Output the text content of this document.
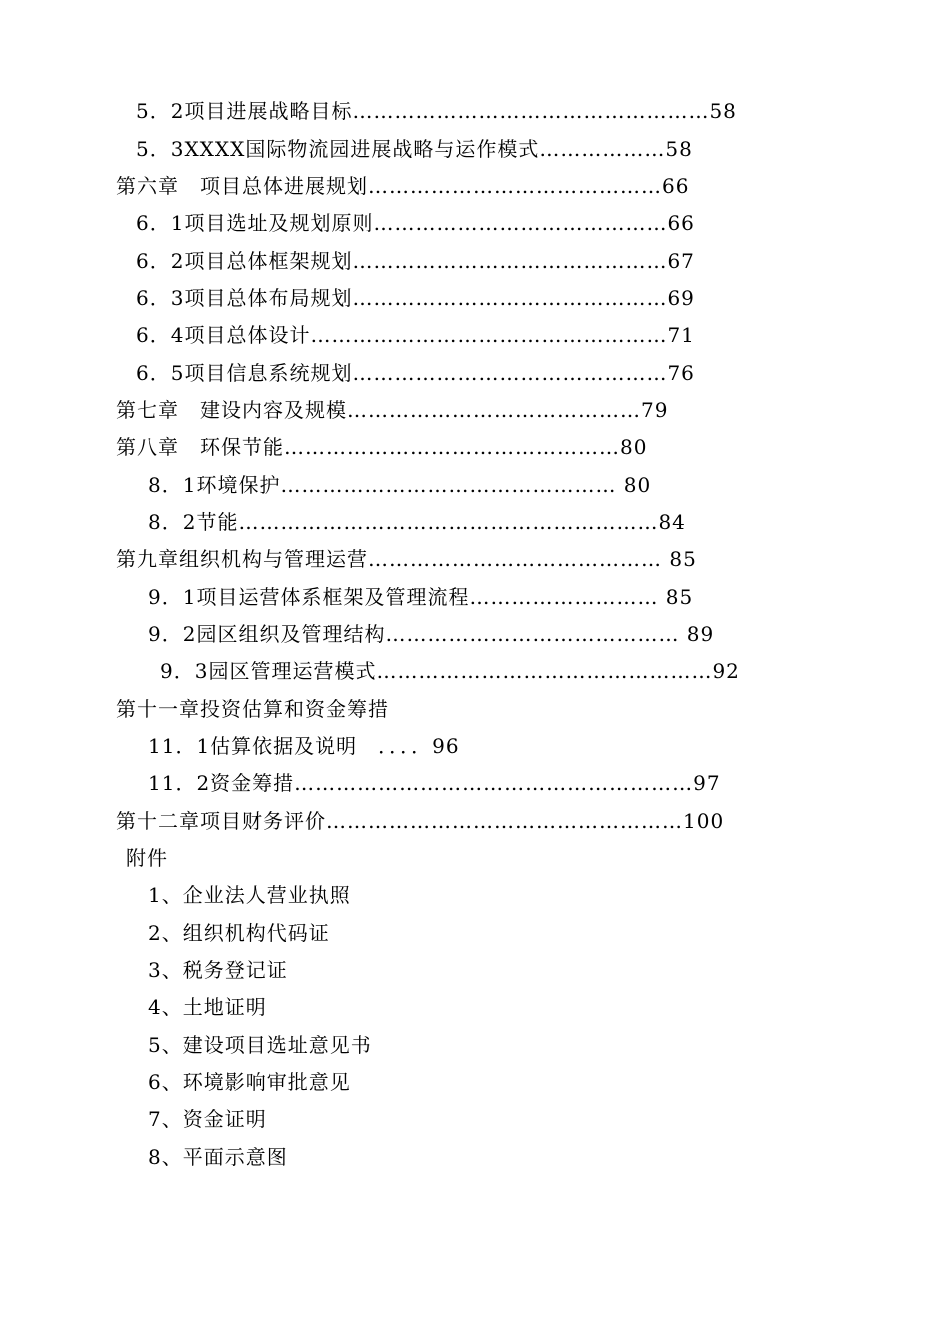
5．2项目进展战略目标……………………………………………58
5．3XXXX国际物流园进展战略与运作模式………………58
第六章　项目总体进展规划……………………………………66
6．1项目选址及规划原则……………………………………66
6．2项目总体框架规划………………………………………67
6．3项目总体布局规划………………………………………69
6．4项目总体设计……………………………………………71
6．5项目信息系统规划………………………………………76
第七章　建设内容及规模……………………………………79
第八章　环保节能…………………………………………80
8．1环境保护………………………………………… 80
8．2节能……………………………………………………84
第九章组织机构与管理运营…………………………………… 85
9．1项目运营体系框架及管理流程……………………… 85
9．2园区组织及管理结构…………………………………… 89
9．3园区管理运营模式…………………………………………92
第十一章投资估算和资金筹措
11．1估算依据及说明　．．．．96
11．2资金筹措…………………………………………………97
第十二章项目财务评价……………………………………………100
附件
1、企业法人营业执照
2、组织机构代码证
3、税务登记证
4、土地证明
5、建设项目选址意见书
6、环境影响审批意见
7、资金证明
8、平面示意图
